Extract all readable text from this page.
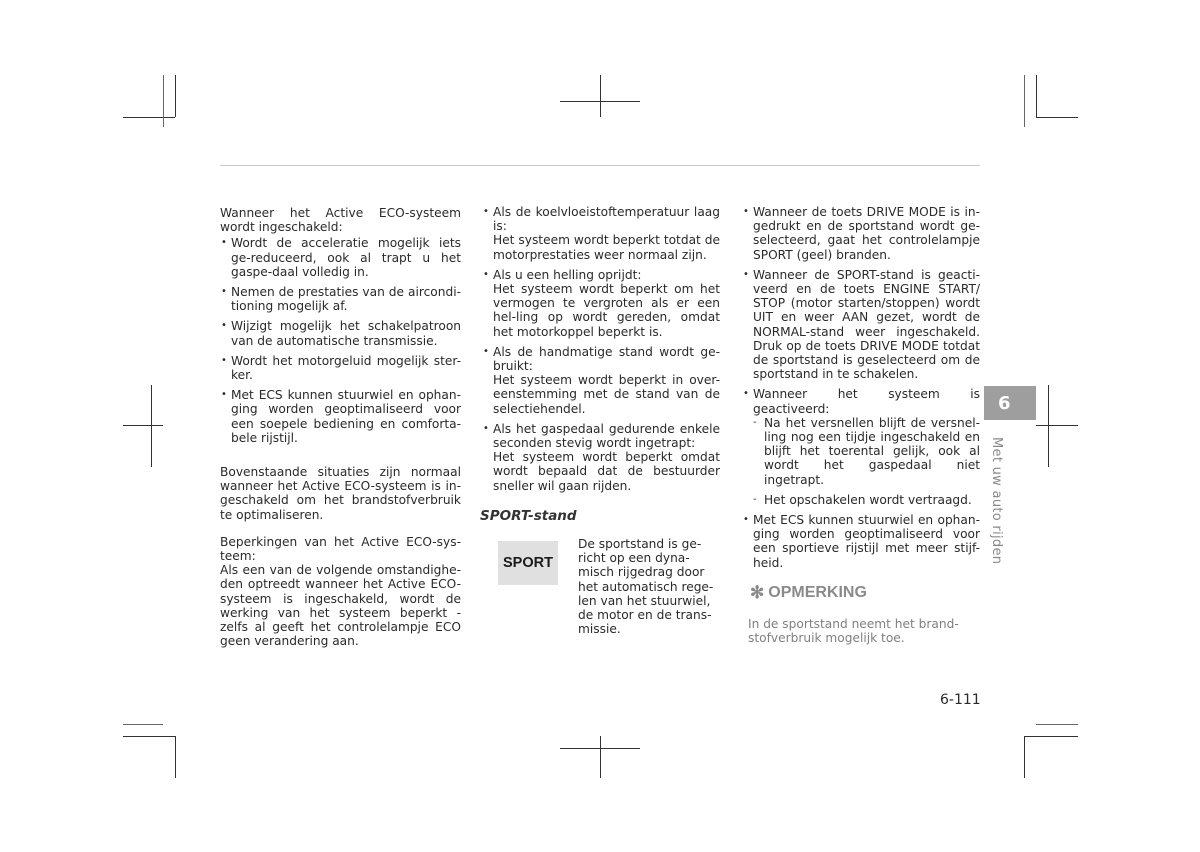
Wanneer het Active ECO-systeem wordt ingeschakeld:

• Wordt de acceleratie mogelijk iets ge-reduceerd, ook al trapt u het gaspe-daal volledig in.
• Nemen de prestaties van de aircondi-tioning mogelijk af.
• Wijzigt mogelijk het schakelpatroon van de automatische transmissie.
• Wordt het motorgeluid mogelijk ster-ker.
• Met ECS kunnen stuurwiel en ophan-ging worden geoptimaliseerd voor een soepele bediening en comforta-bele rijstijl.

Bovenstaande situaties zijn normaal wanneer het Active ECO-systeem is in-geschakeld om het brandstofverbruik te optimaliseren.

Beperkingen van het Active ECO-sys-teem:

Als een van de volgende omstandighe-den optreedt wanneer het Active ECO-systeem is ingeschakeld, wordt de werking van het systeem beperkt - zelfs al geeft het controlelampje ECO geen verandering aan.

• Als de koelvloeistoftemperatuur laag is:
Het systeem wordt beperkt totdat de motorprestaties weer normaal zijn.
• Als u een helling oprijdt:
Het systeem wordt beperkt om het vermogen te vergroten als er een hel-ling op wordt gereden, omdat het motorkoppel beperkt is.
• Als de handmatige stand wordt ge-bruikt:
Het systeem wordt beperkt in over-eenstemming met de stand van de selectiehendel.
• Als het gaspedaal gedurende enkele seconden stevig wordt ingetrapt:
Het systeem wordt beperkt omdat wordt bepaald dat de bestuurder sneller wil gaan rijden.
SPORT-stand
SPORT
De sportstand is ge-richt op een dyna-misch rijgedrag door het automatisch rege-len van het stuurwiel, de motor en de trans-missie.
• Wanneer de toets DRIVE MODE is in-gedrukt en de sportstand wordt ge-selecteerd, gaat het controlelampje SPORT (geel) branden.
• Wanneer de SPORT-stand is geacti-veerd en de toets ENGINE START/ STOP (motor starten/stoppen) wordt UIT en weer AAN gezet, wordt de NORMAL-stand weer ingeschakeld. Druk op de toets DRIVE MODE totdat de sportstand is geselecteerd om de sportstand in te schakelen.
• Wanneer het systeem is geactiveerd:
- Na het versnellen blijft de versnel-ling nog een tijdje ingeschakeld en blijft het toerental gelijk, ook al wordt het gaspedaal niet ingetrapt.
- Het opschakelen wordt vertraagd.
• Met ECS kunnen stuurwiel en ophan-ging worden geoptimaliseerd voor een sportieve rijstijl met meer stijf-heid.
✻ OPMERKING

In de sportstand neemt het brand-stofverbruik mogelijk toe.

6
Met uw auto rijden
6-111
